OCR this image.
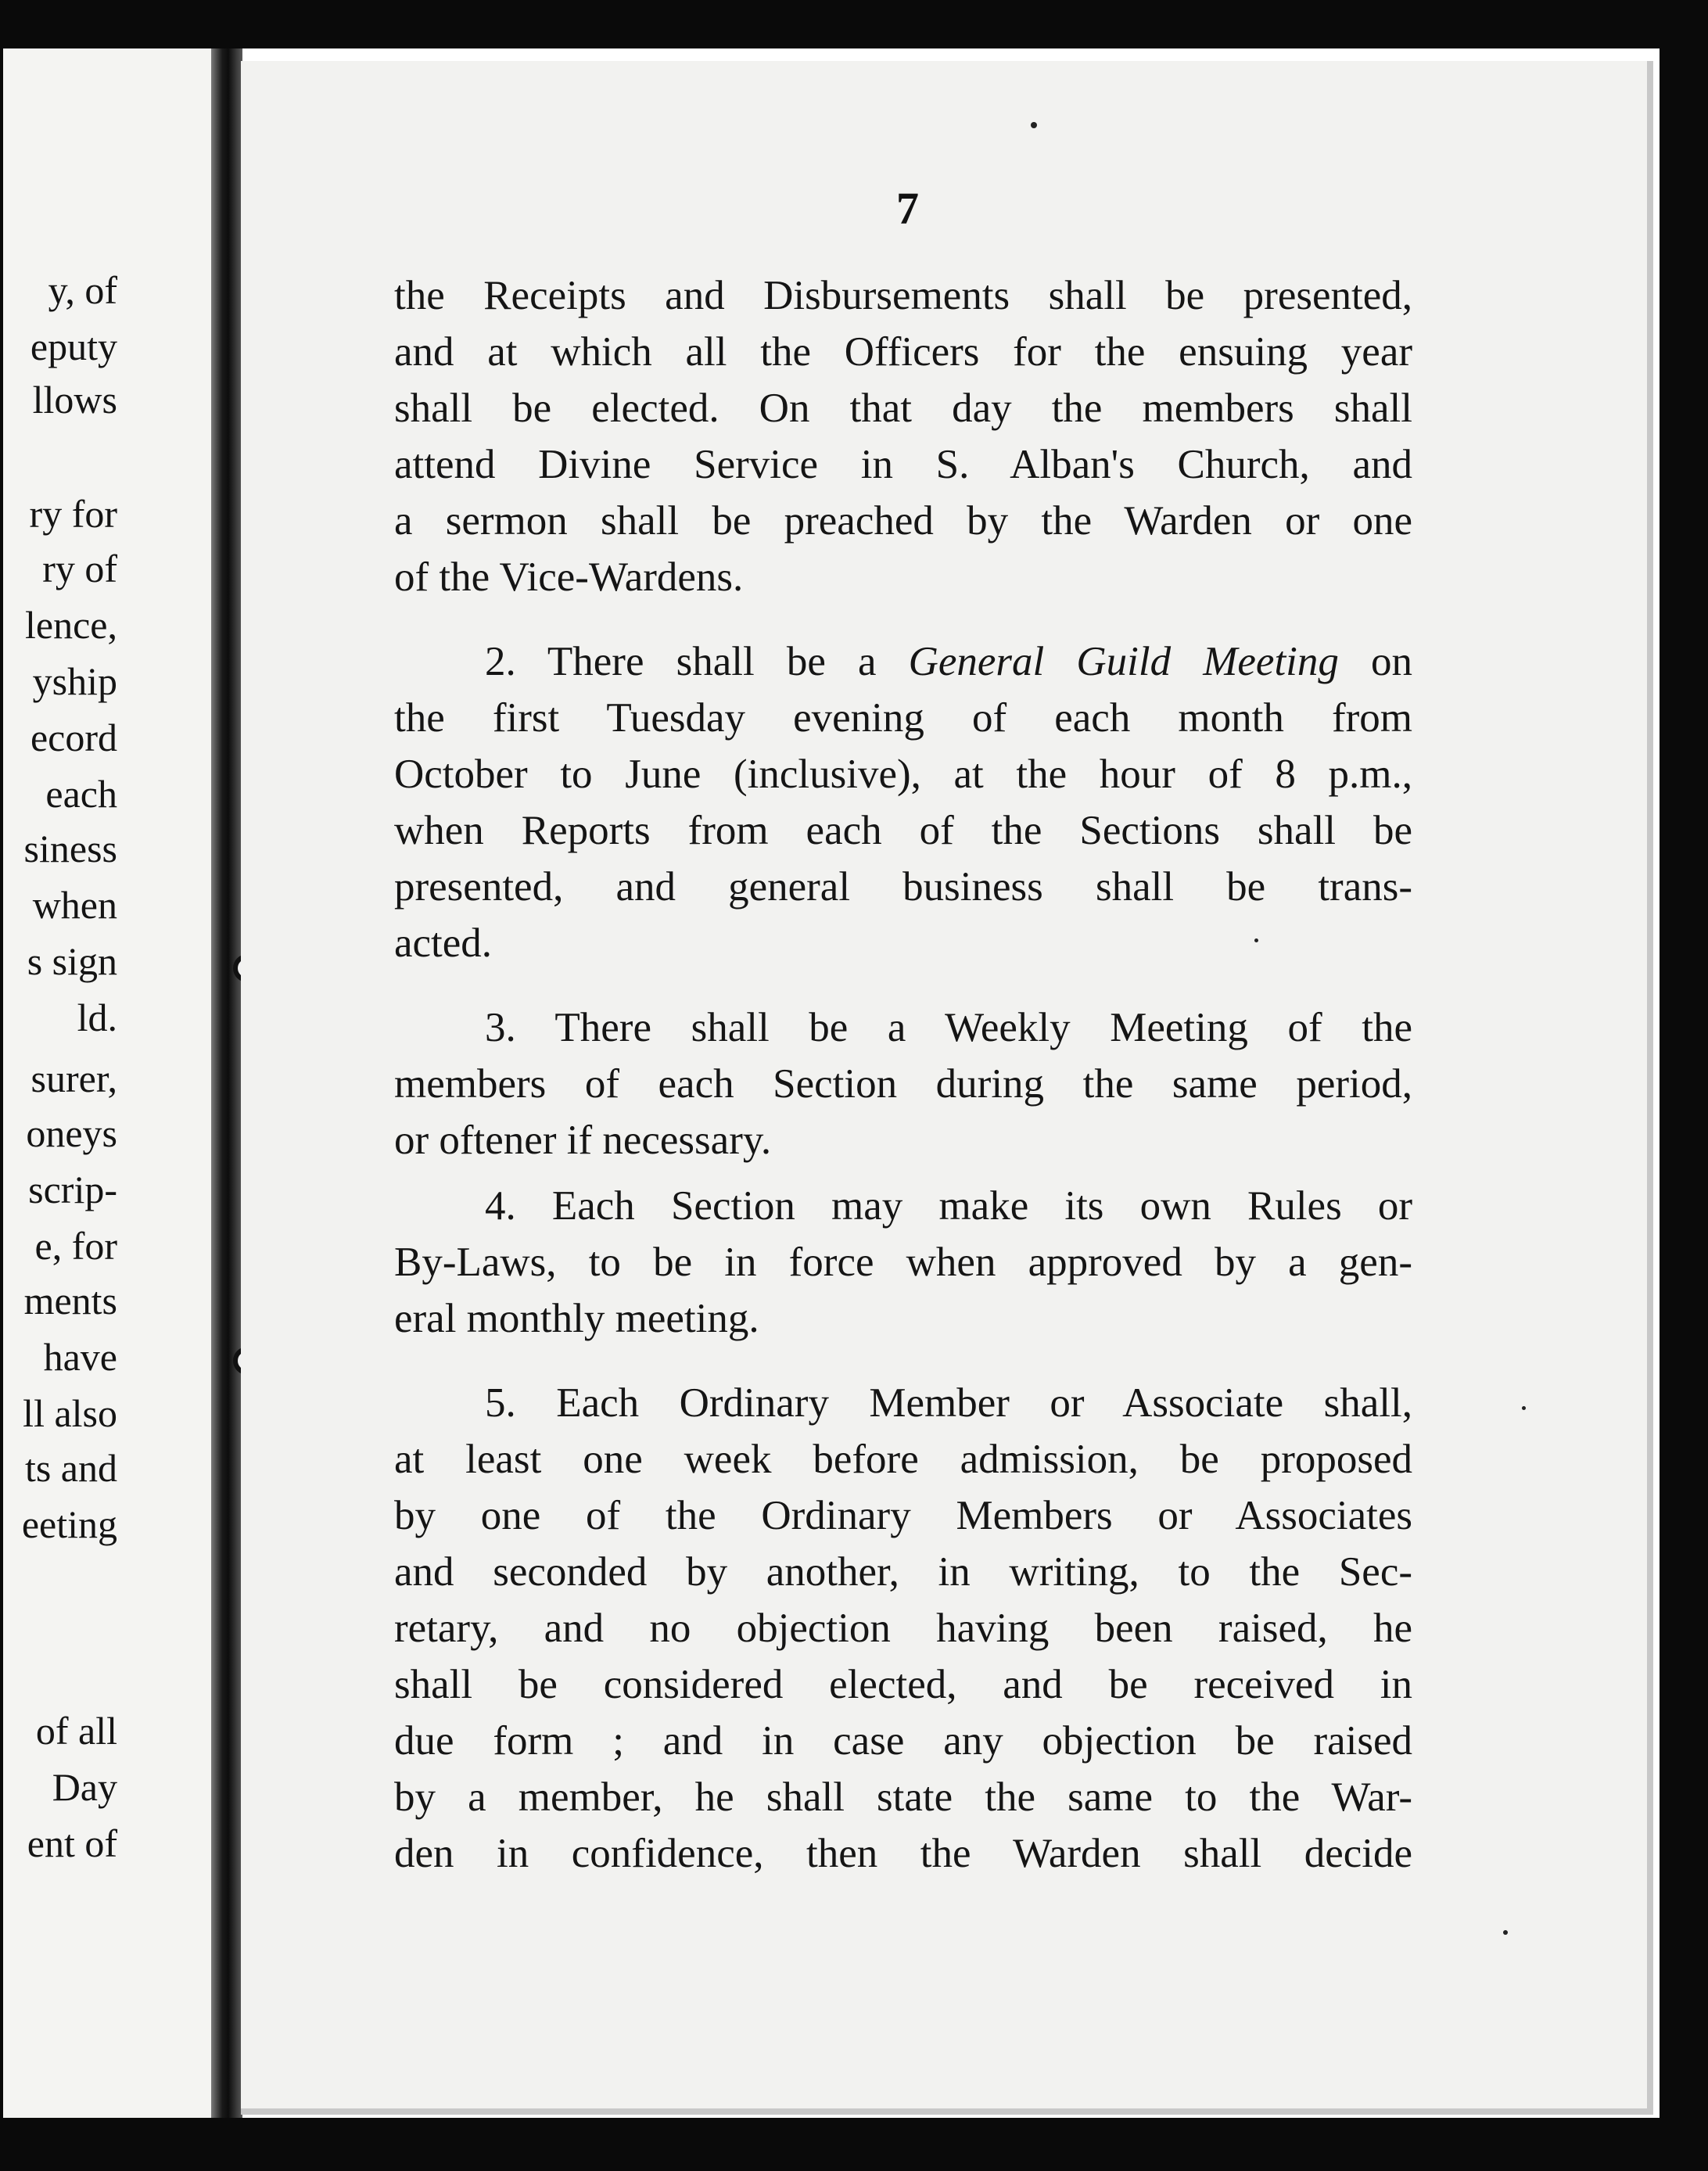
y, of
eputy
llows
ry for
ry of
lence,
yship
ecord
each
siness
when
s sign
ld.
surer,
oneys
scrip-
e, for
ments
have
ll also
ts and
eeting
of all
Day
ent of
7
the Receipts and Disbursements shall be presented,
and at which all the Officers for the ensuing year
shall be elected. On that day the members shall
attend Divine Service in S. Alban's Church, and
a sermon shall be preached by the Warden or one
of the Vice-Wardens.
2. There shall be a General Guild Meeting on
the first Tuesday evening of each month from
October to June (inclusive), at the hour of 8 p.m.,
when Reports from each of the Sections shall be
presented, and general business shall be trans-
acted.
3. There shall be a Weekly Meeting of the
members of each Section during the same period,
or oftener if necessary.
4. Each Section may make its own Rules or
By-Laws, to be in force when approved by a gen-
eral monthly meeting.
5. Each Ordinary Member or Associate shall,
at least one week before admission, be proposed
by one of the Ordinary Members or Associates
and seconded by another, in writing, to the Sec-
retary, and no objection having been raised, he
shall be considered elected, and be received in
due form ; and in case any objection be raised
by a member, he shall state the same to the War-
den in confidence, then the Warden shall decide
